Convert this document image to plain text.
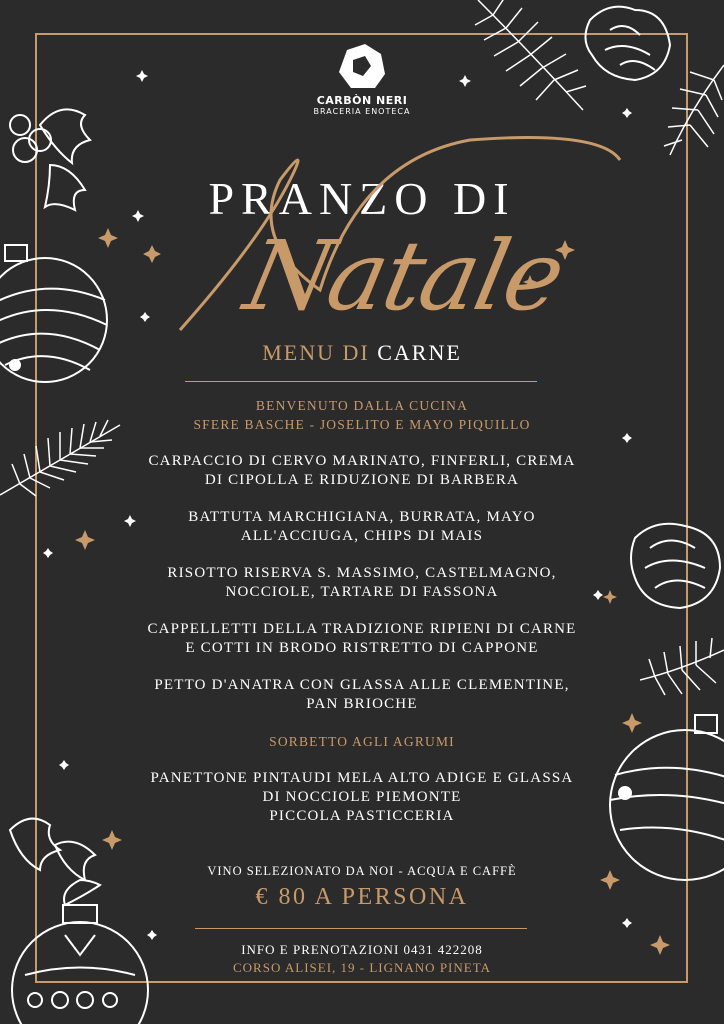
CARBÒN NERI
BRACERIA ENOTECA
PRANZO DI
Natale
MENU DI CARNE
BENVENUTO DALLA CUCINA
SFERE BASCHE - JOSELITO E MAYO PIQUILLO
CARPACCIO DI CERVO MARINATO, FINFERLI, CREMA
DI CIPOLLA E RIDUZIONE DI BARBERA
BATTUTA MARCHIGIANA, BURRATA, MAYO
ALL'ACCIUGA, CHIPS DI MAIS
RISOTTO RISERVA S. MASSIMO, CASTELMAGNO,
NOCCIOLE, TARTARE DI FASSONA
CAPPELLETTI DELLA TRADIZIONE RIPIENI DI CARNE
E COTTI IN BRODO RISTRETTO DI CAPPONE
PETTO D'ANATRA CON GLASSA ALLE CLEMENTINE,
PAN BRIOCHE
SORBETTO AGLI AGRUMI
PANETTONE PINTAUDI MELA ALTO ADIGE E GLASSA
DI NOCCIOLE PIEMONTE
PICCOLA PASTICCERIA
VINO SELEZIONATO DA NOI - ACQUA E CAFFÈ
€ 80 A PERSONA
INFO E PRENOTAZIONI 0431 422208
CORSO ALISEI, 19 - LIGNANO PINETA
